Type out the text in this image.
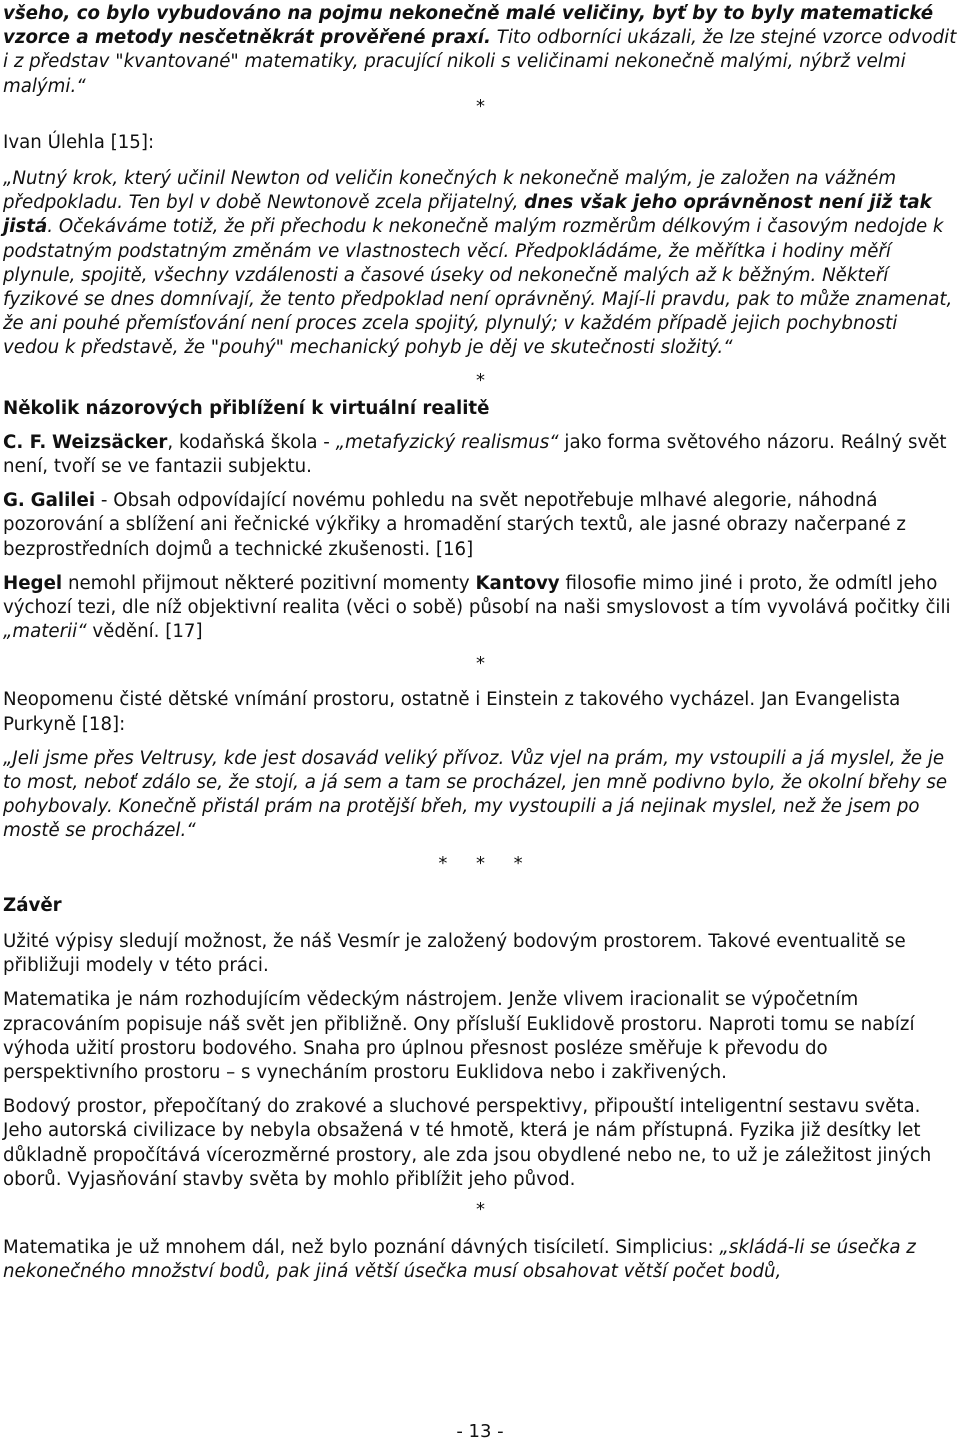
všeho, co bylo vybudováno na pojmu nekonečně malé veličiny, byť by to byly matematické vzorce a metody nesčetněkrát prověřené praxí. Tito odborníci ukázali, že lze stejné vzorce odvodit i z představ "kvantované" matematiky, pracující nikoli s veličinami nekonečně malými, nýbrž velmi malými.“

*

Ivan Úlehla [15]:

„Nutný krok, který učinil Newton od veličin konečných k nekonečně malým, je založen na vážném předpokladu. Ten byl v době Newtonově zcela přijatelný, dnes však jeho oprávněnost není již tak jistá. Očekáváme totiž, že při přechodu k nekonečně malým rozměrům délkovým i časovým nedojde k podstatným podstatným změnám ve vlastnostech věcí. Předpokládáme, že měřítka i hodiny měří plynule, spojitě, všechny vzdálenosti a časové úseky od nekonečně malých až k běžným. Někteří fyzikové se dnes domnívají, že tento předpoklad není oprávněný. Mají-li pravdu, pak to může znamenat, že ani pouhé přemísťování není proces zcela spojitý, plynulý; v každém případě jejich pochybnosti vedou k představě, že "pouhý" mechanický pohyb je děj ve skutečnosti složitý.“

*

Několik názorových přiblížení k virtuální realitě

C. F. Weizsäcker, kodaňská škola - „metafyzický realismus“ jako forma světového názoru. Reálný svět není, tvoří se ve fantazii subjektu.

G. Galilei - Obsah odpovídající novému pohledu na svět nepotřebuje mlhavé alegorie, náhodná pozorování a sblížení ani řečnické výkřiky a hromadění starých textů, ale jasné obrazy načerpané z bezprostředních dojmů a technické zkušenosti. [16]

Hegel nemohl přijmout některé pozitivní momenty Kantovy filosofie mimo jiné i proto, že odmítl jeho výchozí tezi, dle níž objektivní realita (věci o sobě) působí na naši smyslovost a tím vyvolává počitky čili „materii“ vědění. [17]

*

Neopomenu čisté dětské vnímání prostoru, ostatně i Einstein z takového vycházel. Jan Evangelista Purkyně [18]:

„Jeli jsme přes Veltrusy, kde jest dosavád veliký přívoz. Vůz vjel na prám, my vstoupili a já myslel, že je to most, neboť zdálo se, že stojí, a já sem a tam se procházel, jen mně podivno bylo, že okolní břehy se pohybovaly. Konečně přistál prám na protější břeh, my vystoupili a já nejinak myslel, než že jsem po mostě se procházel.“

*     *     *

Závěr

Užité výpisy sledují možnost, že náš Vesmír je založený bodovým prostorem. Takové eventualitě se přibližuji modely v této práci.

Matematika je nám rozhodujícím vědeckým nástrojem. Jenže vlivem iracionalit se výpočetním zpracováním popisuje náš svět jen přibližně. Ony přísluší Euklidově prostoru. Naproti tomu se nabízí výhoda užití prostoru bodového. Snaha pro úplnou přesnost posléze směřuje k převodu do perspektivního prostoru – s vynecháním prostoru Euklidova nebo i zakřivených.

Bodový prostor, přepočítaný do zrakové a sluchové perspektivy, připouští inteligentní sestavu světa. Jeho autorská civilizace by nebyla obsažená v té hmotě, která je nám přístupná. Fyzika již desítky let důkladně propočítává vícerozměrné prostory, ale zda jsou obydlené nebo ne, to už je záležitost jiných oborů. Vyjasňování stavby světa by mohlo přiblížit jeho původ.

*

Matematika je už mnohem dál, než bylo poznání dávných tisíciletí. Simplicius: „skládá-li se úsečka z nekonečného množství bodů, pak jiná větší úsečka musí obsahovat větší počet bodů,

- 13 -
